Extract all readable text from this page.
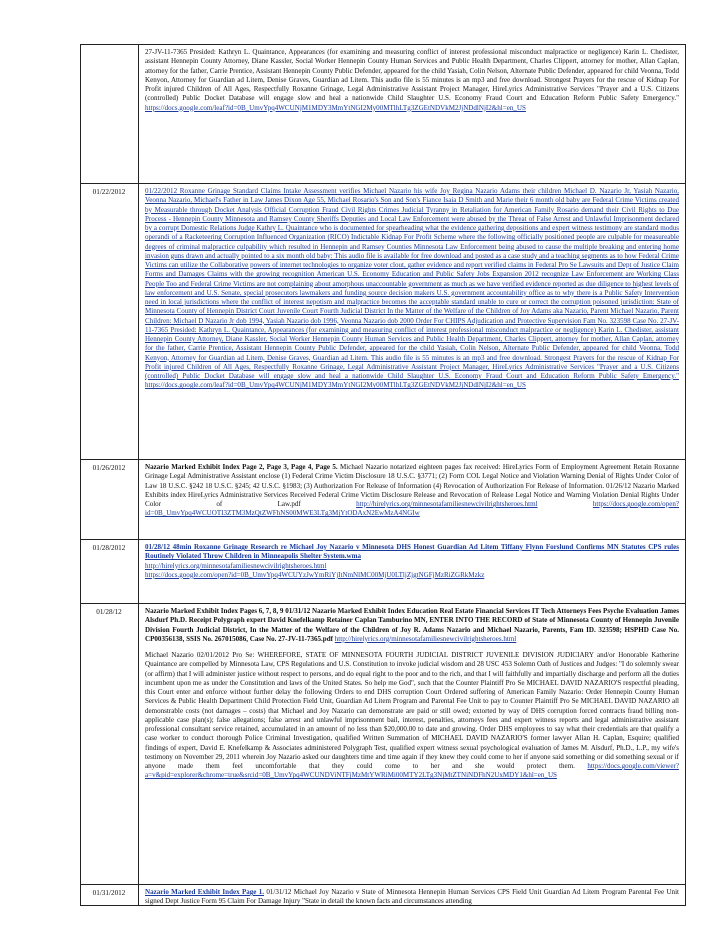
27-JV-11-7365 Presided: Kathryn L. Quaintance, Appearances (for examining and measuring conflict of interest professional misconduct malpractice or negligence) Karin L. Chedister, assistant Hennepin County Attorney, Diane Kassler, Social Worker Hennepin County Human Services and Public Health Department, Charles Clippert, attorney for mother, Allan Caplan, attorney for the father, Carrie Prentice, Assistant Hennepin County Public Defender, appeared for the child Yasiah, Colin Nelson, Alternate Public Defender, appeared for child Veonna, Todd Kenyon, Attorney for Guardian ad Litem, Denise Graves, Guardian ad Litem. This audio file is 55 minutes is an mp3 and free download. Strongest Prayers for the rescue of Kidnap For Profit injured Children of All Ages, Respectfully Roxanne Grinage, Legal Administrative Assistant Project Manager, HireLyrics Administrative Services "Prayer and a U.S. Citizens (controlled) Public Docket Database will engage slow and heal a nationwide Child Slaughter U.S. Economy Fraud Court and Education Reform Public Safety Emergency." https://docs.google.com/leaf?id=0B_UmvYpq4WCUNjM1MDY3MmYtNGI2My00MTlhLTg3ZGEtNDVkM2JjNDdlNjI2&hl=en_US
01/22/2012	01/22/2012 Roxanne Grinage Standard Claims Intake Assessment verifies Michael Nazario his wife Joy Regina Nazario Adams their children Michael D. Nazario Jr, Yasiah Nazario, Veonna Nazario, Michael's Father in Law James Dixon Age 55, Michael Rosario's Son and Son's Fiance Isaia D Smith and Marie their 6 month old baby are Federal Crime Victims created by Measurable through Docket Analysis Official Corruption Fraud Civil Rights Crimes Judicial Tyranny in Retaliation for American Family Rosario demand their Civil Rights to Due Process - Hennepin County Minnesota and Ramsey County Sheriffs Deputies and Local Law Enforcement were abused by the Threat of False Arrest and Unlawful Imprisonment declared by a corrupt Domestic Relations Judge Kathry L. Quaintance who is documented for spearheading what the evidence gathering depositions and expert witness testimony are standard modus operandi of a Racketeering Corruption Influenced Organization (RICO) Indictable Kidnap For Profit Scheme where the following officially positioned people are culpable for measureable degrees of criminal malpractice culpability which resulted in Hennepin and Ramsey Counties Minnesota Law Enforcement being abused to cause the multiple breaking and entering home invasion guns drawn and actually pointed to a six month old baby: This audio file is available for free download and posted as a case study and a teaching segments as to how Federal Crime Victims can utilize the Collaborative powers of internet technologies to organize voter clout, gather evidence and report verified claims in Federal Pro Se Lawsuits and Dept of Justice Claim Forms and Damages Claims with the growing recognition American U.S. Economy Education and Public Safety Jobs Expansion 2012 recognize Law Enforcement are Working Class People Too and Federal Crime Victims are not complaining about amorphous unaccountable government as much as we have verified evidence reported as due diligence to highest levels of law enforcement and U.S. Senate, special prosecutors lawmakers and funding source decision makers U.S. government accountability office as to why there is a Public Safety Intervention need in local jurisdictions where the conflict of interest nepotism and malpractice becomes the acceptable standard unable to cure or correct the corruption poisoned jurisdiction: State of Minnesota County of Hennepin District Court Juvenile Court Fourth Judicial District In the Matter of the Welfare of the Children of Joy Adams aka Nazario, Parent Michael Nazario, Parent Children: Michael D Nazario Jr dob 1994, Yasiah Nazario dob 1996, Veonna Nazario dob 2000 Order For CHIPS Adjudication and Protective Supervision Fam No. 323598 Case No. 27-JV-11-7365 Presided: Kathryn L. Quaintance, Appearances (for examining and measuring conflict of interest professional misconduct malpractice or negligence) Karin L. Chedister, assistant Hennepin County Attorney, Diane Kassler, Social Worker Hennepin County Human Services and Public Health Department, Charles Clippert, attorney for mother, Allan Caplan, attorney for the father, Carrie Prentice, Assistant Hennepin County Public Defender, appeared for the child Yasiah, Colin Nelson, Alternate Public Defender, appeared for child Veonna, Todd Kenyon, Attorney for Guardian ad Litem, Denise Graves, Guardian ad Litem. This audio file is 55 minutes is an mp3 and free download. Strongest Prayers for the rescue of Kidnap For Profit injured Children of All Ages, Respectfully Roxanne Grinage, Legal Administrative Assistant Project Manager, HireLyrics Administrative Services "Prayer and a U.S. Citizens (controlled) Public Docket Database will engage slow and heal a nationwide Child Slaughter U.S. Economy Fraud Court and Education Reform Public Safety Emergency." https://docs.google.com/leaf?id=0B_UmvYpq4WCUNjM1MDY3MmYtNGI2My00MTlhLTg3ZGEtNDVkM2JjNDdlNjI2&hl=en_US
01/26/2012	Nazario Marked Exhibit Index Page 2, Page 3, Page 4, Page 5. Michael Nazario notarized eighteen pages fax received: HireLyrics Form of Employment Agreement Retain Roxanne Grinage Legal Administrative Assistant enclose (1) Federal Crime Victim Disclosure 18 U.S.C. §3771; (2) Form COL Legal Notice and Violation Warning Denial of Rights Under Color of Law 18 U.S.C. §242 18 U.S.C. §245; 42 U.S.C. §1983; (3) Authorization For Release of Information (4) Revocation of Authorization For Release of Information. 01/26/12 Nazario Marked Exhibits index HireLyrics Administrative Services Received Federal Crime Victim Disclosure Release and Revocation of Release Legal Notice and Warning Violation Denial Rights Under Color of Law.pdf	http://hirelyrics.org/minnesotafamiliesnewcivilrightsheroes.html	https://docs.google.com/open?id=0B_UmvYpq4WCUOTI3ZTM3MzQtZWFhNS00MWE3LTg3MjYtODAxN2EwMzA4NGIw
01/28/2012	01/28/12 48min Roxanne Grinage Research re Michael Joy Nazario v Minnesota DHS Honest Guardian Ad Litem Tiffany Flynn Forslund Confirms MN Statutes CPS rules Routinely Violated Throw Children in Minneapolis Shelter System.wma
http://hirelyrics.org/minnesotafamiliesnewcivilrightsheroes.html
https://docs.google.com/open?id=0B_UmvYpq4WCUYzJwYmRiYjItNmNlMC00MjU0LTljZjgtNGFjMzRiZGRkMzkz
01/28/12	Nazario Marked Exhibit Index Pages 6, 7, 8, 9 01/31/12 Nazario Marked Exhibit Index Education Real Estate Financial Services IT Tech Attorneys Fees Psyche Evaluation James Alsdurf Ph.D. Receipt Polygraph expert David Knefelkamp Retainer Caplan Tamburino MN, ENTER INTO THE RECORD of State of Minnesota County of Hennepin Juvenile Division Fourth Judicial District, In the Matter of the Welfare of the Children of Joy R. Adams Nazario and Michael Nazario, Parents, Fam ID. 323598; HSPHD Case No. CP00356138, SSIS No. 267015086, Case No. 27-JV-11-7365.pdf http://hirelyrics.org/minnesotafamiliesnewcivilrightsheroes.html

Michael Nazario 02/01/2012 Pro Se: WHEREFORE, STATE OF MINNESOTA FOURTH JUDICIAL DISTRICT JUVENILE DIVISION JUDICIARY and/or Honorable Katherine Quaintance are compelled by Minnesota Law, CPS Regulations and U.S. Constitution to invoke judicial wisdom and 28 USC 453 Solemn Oath of Justices and Judges: "I do solemnly swear (or affirm) that I will administer justice without respect to persons, and do equal right to the poor and to the rich, and that I will faithfully and impartially discharge and perform all the duties incumbent upon me as under the Constitution and laws of the United States. So help me God", such that the Counter Plaintiff Pro Se MICHAEL DAVID NAZARIO'S respectful pleading, this Court enter and enforce without further delay the following Orders to end DHS corruption Court Ordered suffering of American Family Nazario: Order Hennepin County Human Services & Public Health Department Child Protection Field Unit, Guardian Ad Litem Program and Parental Fee Unit to pay to Counter Plaintiff Pro Se MICHAEL DAVID NAZARIO all demonstrable costs (not damages – costs) that Michael and Joy Nazario can demonstrate are paid or still owed; extorted by way of DHS corruption forced contracts fraud billing non-applicable case plan(s); false allegations; false arrest and unlawful imprisonment bail, interest, penalties, attorneys fees and expert witness reports and legal administrative assistant professional consultant service retained, accumulated in an amount of no less than $20,000.00 to date and growing. Order DHS employees to say what their credentials are that qualify a case worker to conduct thorough Police Criminal Investigation, qualified Written Summation of MICHAEL DAVID NAZARIO'S former lawyer Allan H. Caplan, Esquire; qualified findings of expert, David E. Knefelkamp & Associates administered Polygraph Test, qualified expert witness sexual psychological evaluation of James M. Alsdurf, Ph.D., L.P., my wife's testimony on November 29, 2011 wherein Joy Nazario asked our daughters time and time again if they knew they could come to her if anyone said something or did something sexual or if anyone made them feel uncomfortable that they could come to her and she would protect them. https://docs.google.com/viewer?a=v&pid=explorer&chrome=true&srcid=0B_UmvYpq4WCUNDViNTFjMzMtYWRiMi00MTY2LTg3NjMtZTNiNDFhN2UxMDY1&hl=en_US

01/31/2012	Nazario Marked Exhibit Index Page 1. 01/31/12 Michael Joy Nazario v State of Minnesota Hennepin Human Services CPS Field Unit Guardian Ad Litem Program Parental Fee Unit signed Dept Justice Form 95 Claim For Damage Injury "State in detail the known facts and circumstances attending
